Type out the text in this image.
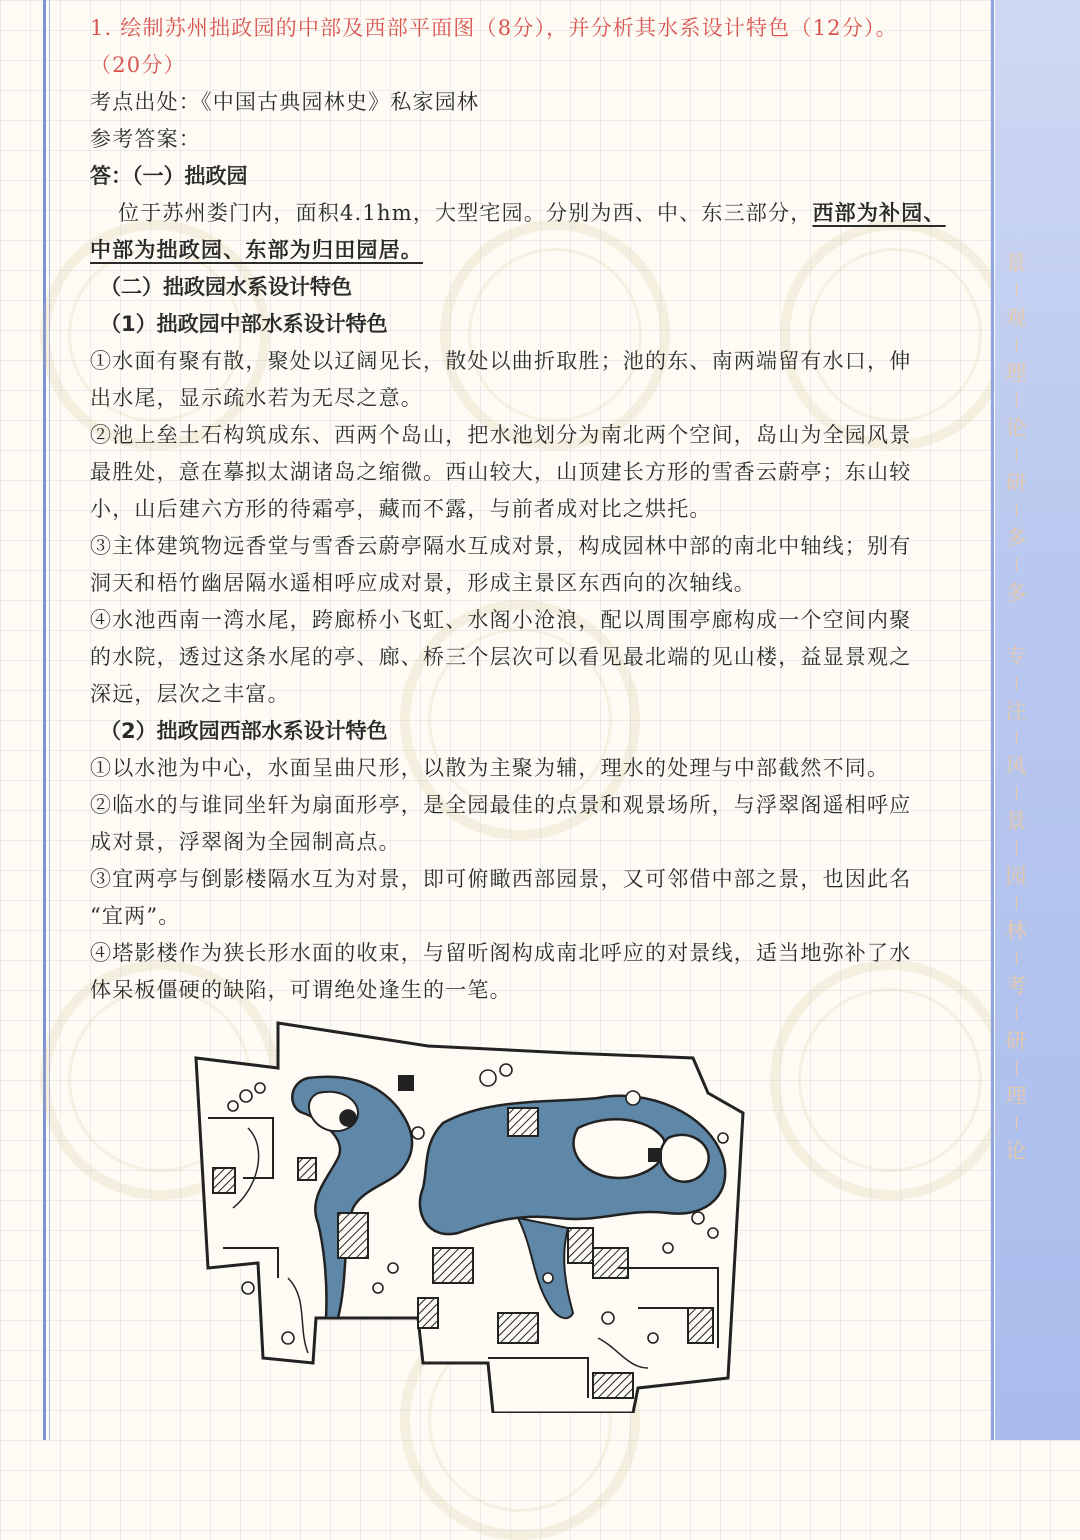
景
观
理
论
研
多
多
专
注
风
景
园
林
考
研
理
论
1. 绘制苏州拙政园的中部及西部平面图（8分），并分析其水系设计特色（12分）。
（20分）
考点出处：《中国古典园林史》私家园林
参考答案：
答：（一）拙政园
位于苏州娄门内，面积4.1hm，大型宅园。分别为西、中、东三部分，西部为补园、
中部为拙政园、东部为归田园居。
（二）拙政园水系设计特色
（1）拙政园中部水系设计特色
①水面有聚有散，聚处以辽阔见长，散处以曲折取胜；池的东、南两端留有水口，伸
出水尾，显示疏水若为无尽之意。
②池上垒土石构筑成东、西两个岛山，把水池划分为南北两个空间，岛山为全园风景
最胜处，意在摹拟太湖诸岛之缩微。西山较大，山顶建长方形的雪香云蔚亭；东山较
小，山后建六方形的待霜亭，藏而不露，与前者成对比之烘托。
③主体建筑物远香堂与雪香云蔚亭隔水互成对景，构成园林中部的南北中轴线；别有
洞天和梧竹幽居隔水遥相呼应成对景，形成主景区东西向的次轴线。
④水池西南一湾水尾，跨廊桥小飞虹、水阁小沧浪，配以周围亭廊构成一个空间内聚
的水院，透过这条水尾的亭、廊、桥三个层次可以看见最北端的见山楼，益显景观之
深远，层次之丰富。
（2）拙政园西部水系设计特色
①以水池为中心，水面呈曲尺形，以散为主聚为辅，理水的处理与中部截然不同。
②临水的与谁同坐轩为扇面形亭，是全园最佳的点景和观景场所，与浮翠阁遥相呼应
成对景，浮翠阁为全园制高点。
③宜两亭与倒影楼隔水互为对景，即可俯瞰西部园景，又可邻借中部之景，也因此名
“宜两”。
④塔影楼作为狭长形水面的收束，与留听阁构成南北呼应的对景线，适当地弥补了水
体呆板僵硬的缺陷，可谓绝处逢生的一笔。
